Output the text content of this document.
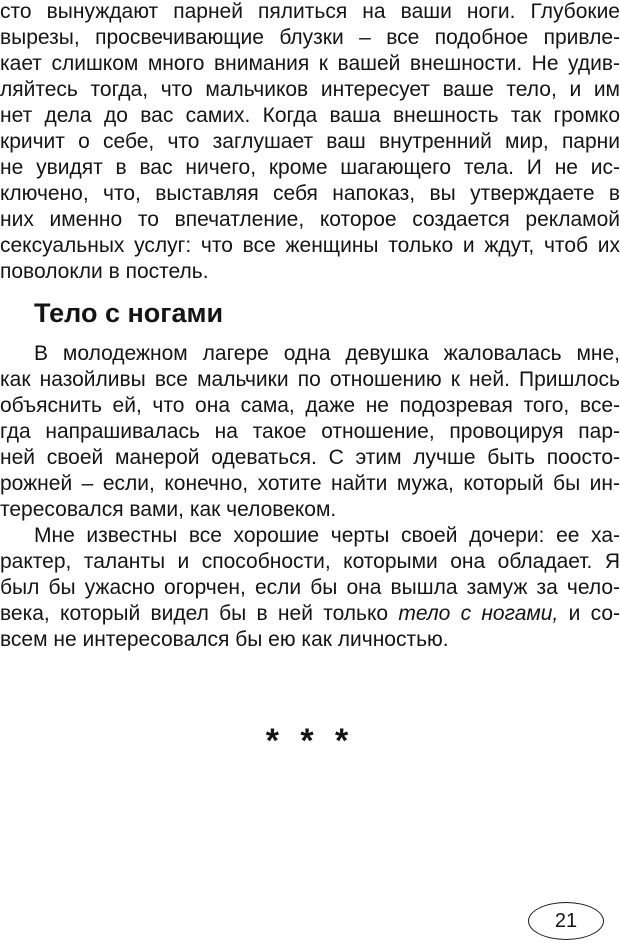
сто вынуждают парней пялиться на ваши ноги. Глубокие

вырезы, просвечивающие блузки – все подобное привле-

кает слишком много внимания к вашей внешности. Не удив-

ляйтесь тогда, что мальчиков интересует ваше тело, и им

нет дела до вас самих. Когда ваша внешность так громко

кричит о себе, что заглушает ваш внутренний мир, парни

не увидят в вас ничего, кроме шагающего тела. И не ис-

ключено, что, выставляя себя напоказ, вы утверждаете в

них именно то впечатление, которое создается рекламой

сексуальных услуг: что все женщины только и ждут, чтоб их

поволокли в постель.

Тело с ногами

В молодежном лагере одна девушка жаловалась мне,

как назойливы все мальчики по отношению к ней. Пришлось

объяснить ей, что она сама, даже не подозревая того, все-

гда напрашивалась на такое отношение, провоцируя пар-

ней своей манерой одеваться. С этим лучше быть поосто-

рожней – если, конечно, хотите найти мужа, который бы ин-

тересовался вами, как человеком.

Мне известны все хорошие черты своей дочери: ее ха-

рактер, таланты и способности, которыми она обладает. Я

был бы ужасно огорчен, если бы она вышла замуж за чело-

века, который видел бы в ней только тело с ногами, и со-

всем не интересовался бы ею как личностью.

* * *
21
